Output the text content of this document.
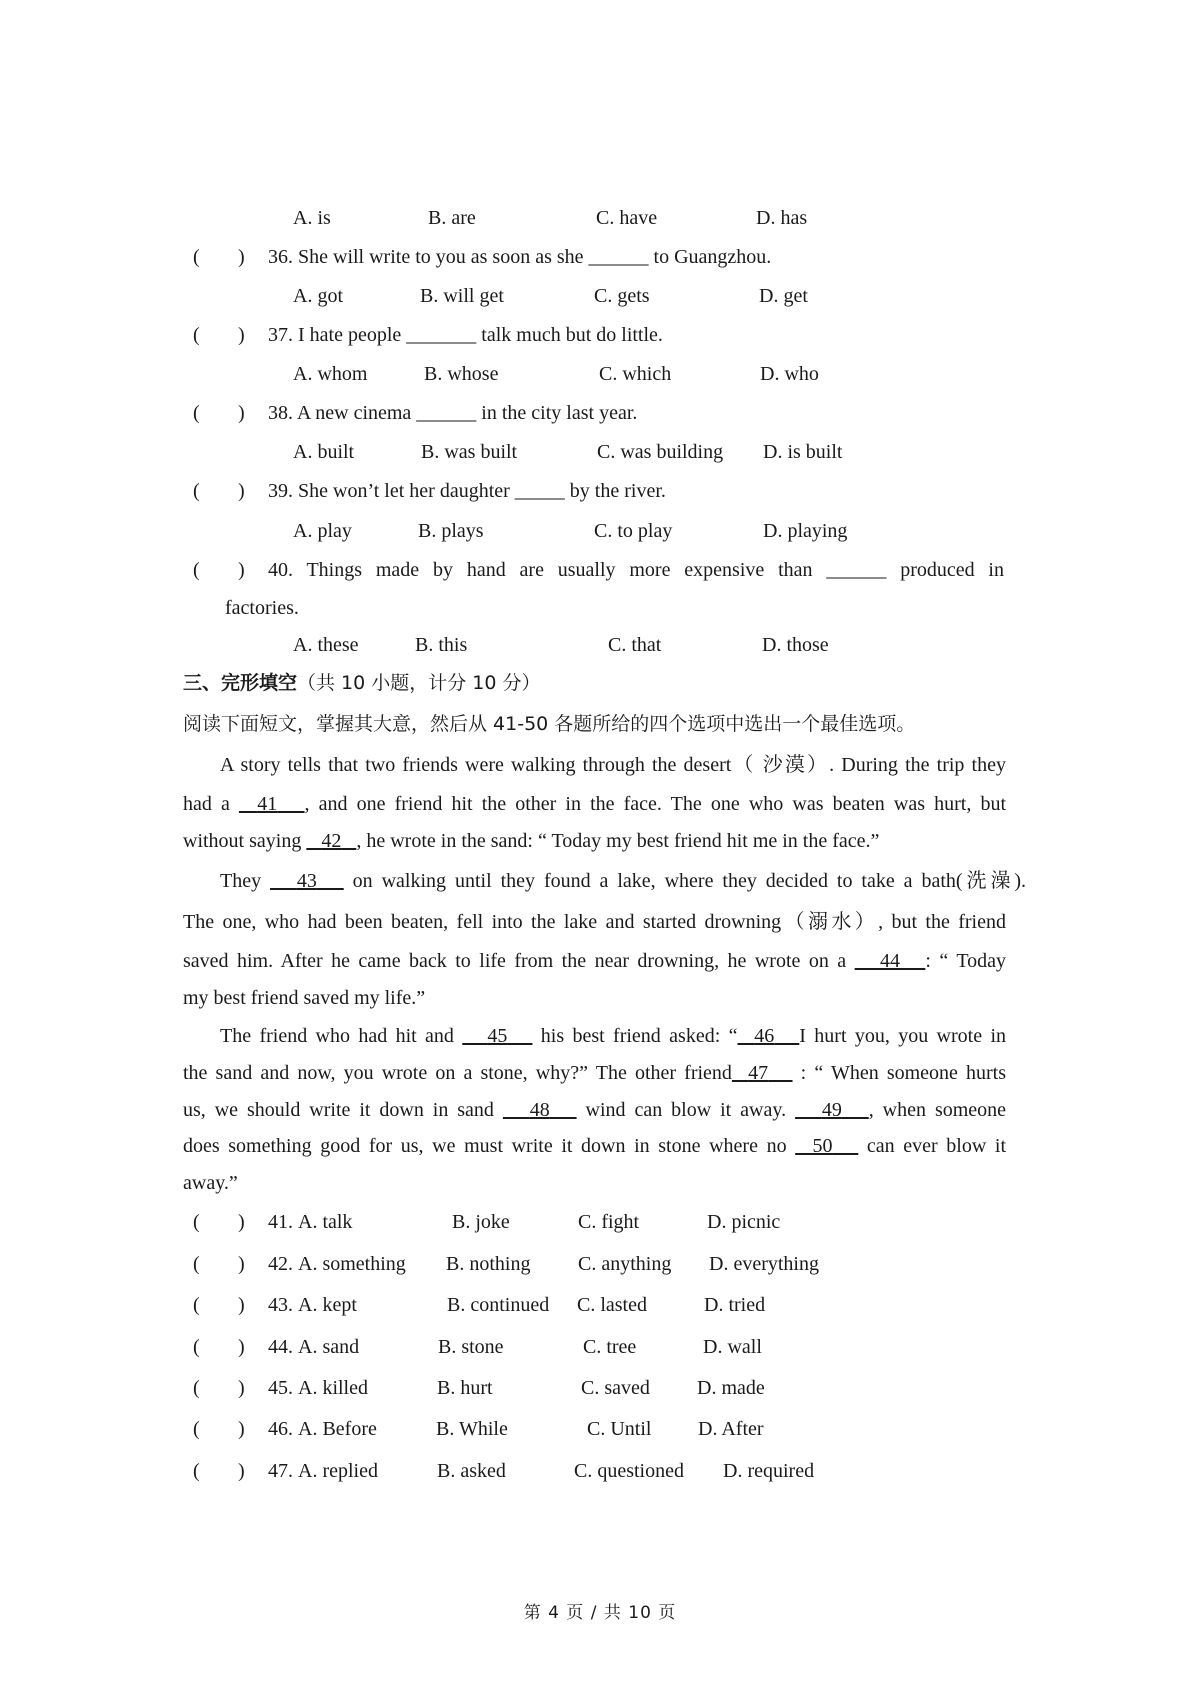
A. is	B. are	C. have	D. has
( ) 36. She will write to you as soon as she ______ to Guangzhou.
A. got	B. will get	C. gets	D. get
( ) 37. I hate people _______ talk much but do little.
A. whom	B. whose	C. which	D. who
( ) 38. A new cinema ______ in the city last year.
A. built	B. was built	C. was building D. is built
( ) 39. She won’t let her daughter _____ by the river.
A. play	B. plays	C. to play	D. playing
( ) 40. Things made by hand are usually more expensive than ______ produced in
factories.
A. these	B. this	C. that	D. those
三、完形填空（共 10 小题，计分 10 分）
阅读下面短文，掌握其大意，然后从 41-50 各题所给的四个选项中选出一个最佳选项。
A story tells that two friends were walking through the desert（ 沙漠）. During the trip they
had a 41 , and one friend hit the other in the face. The one who was beaten was hurt, but
without saying 42 , he wrote in the sand: “ Today my best friend hit me in the face.”
They 43 on walking until they found a lake, where they decided to take a bath(洗澡).
The one, who had been beaten, fell into the lake and started drowning（溺水）, but the friend
saved him. After he came back to life from the near drowning, he wrote on a 44 : “ Today
my best friend saved my life.”
The friend who had hit and 45 his best friend asked: “ 46 I hurt you, you wrote in
the sand and now, you wrote on a stone, why?” The other friend 47 : “ When someone hurts
us, we should write it down in sand 48 wind can blow it away. 49 , when someone
does something good for us, we must write it down in stone where no 50 can ever blow it
away.”
( ) 41. A. talk	B. joke	C. fight	D. picnic
( ) 42. A. something B. nothing C. anything D. everything
( ) 43. A. kept	B. continued C. lasted	D. tried
( ) 44. A. sand	B. stone	C. tree	D. wall
( ) 45. A. killed	B. hurt	C. saved D. made
( ) 46. A. Before	B. While	C. Until D. After
( ) 47. A. replied	B. asked	C. questioned D. required
第 4 页 / 共 10 页
